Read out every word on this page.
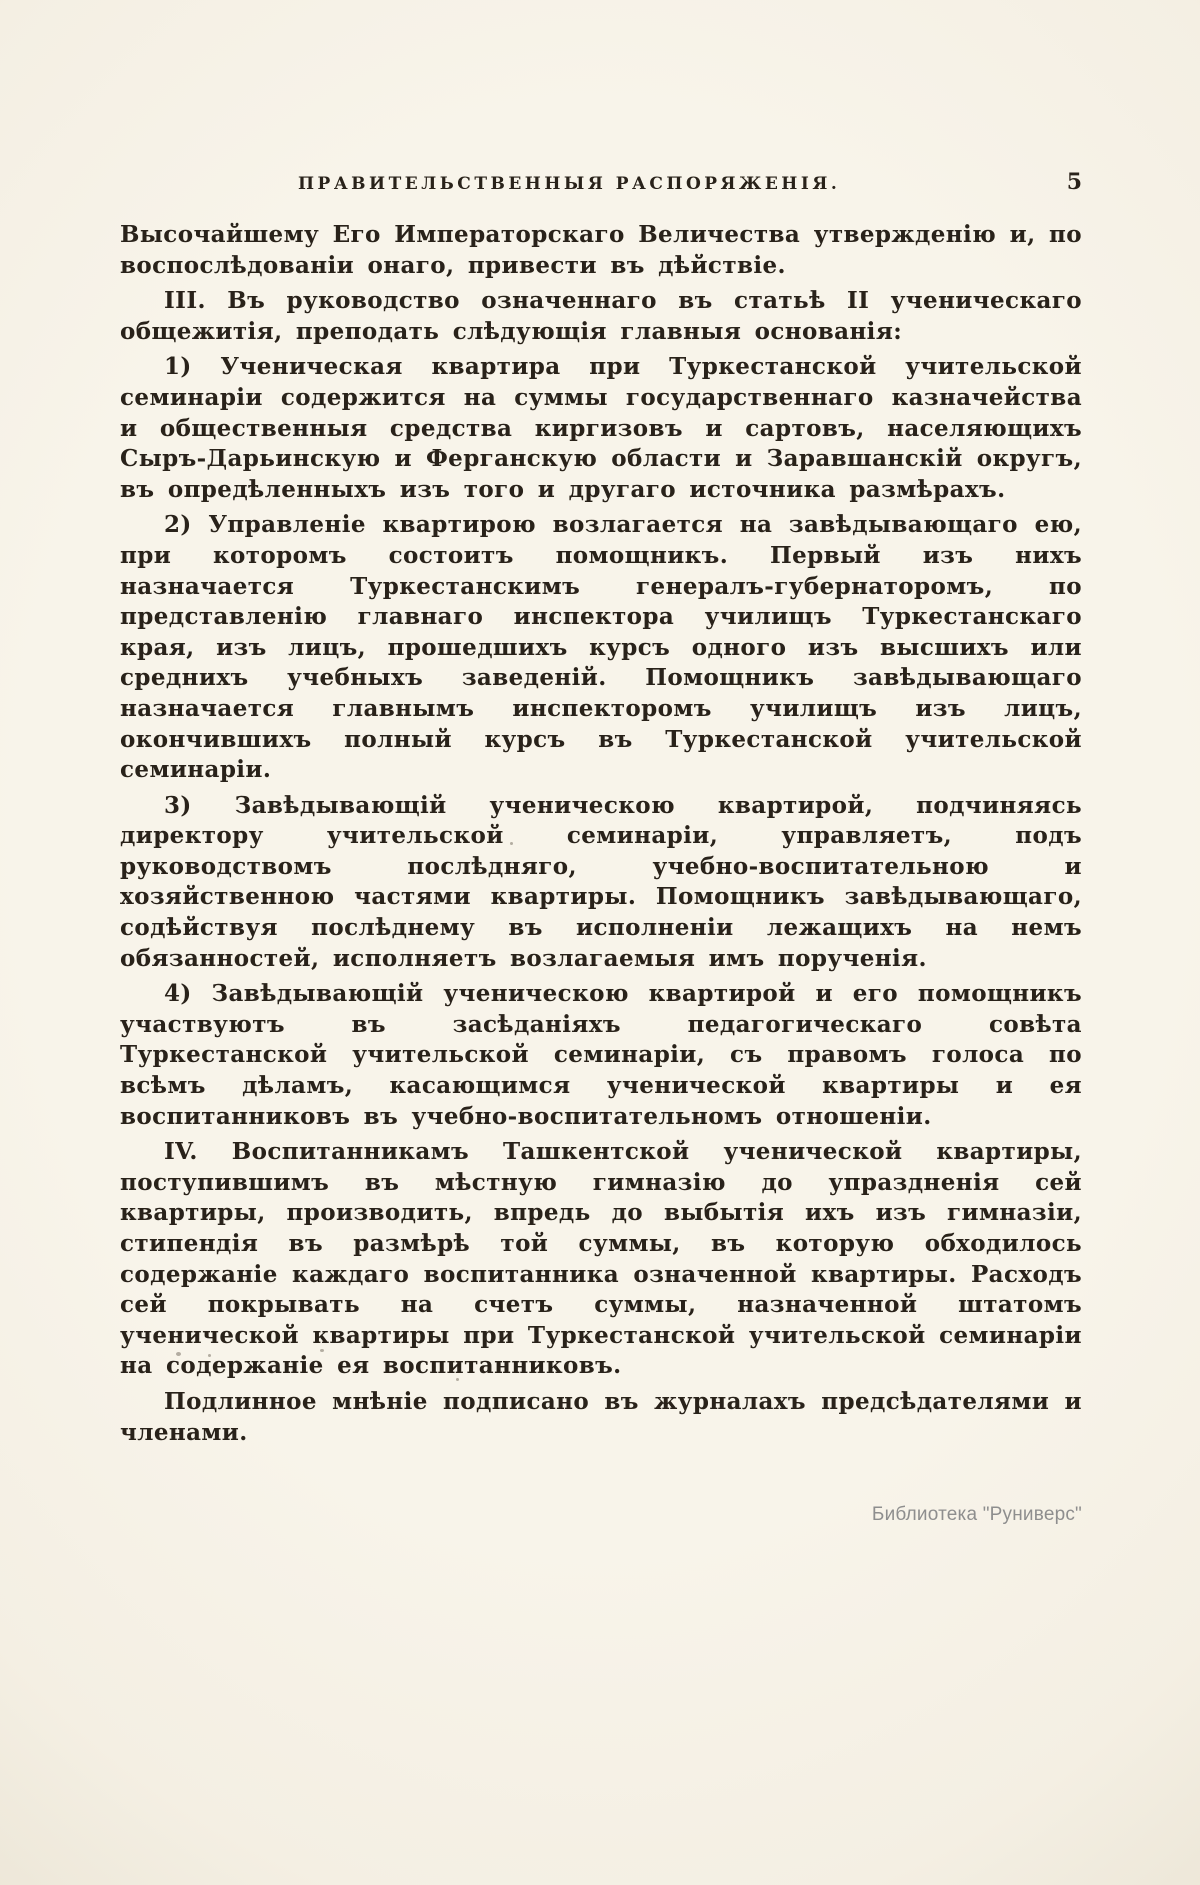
ПРАВИТЕЛЬСТВЕННЫЯ РАСПОРЯЖЕНІЯ.	5

Высочайшему Его Императорскаго Величества утвержденію и, по воспослѣдованіи онаго, привести въ дѣйствіе.

III. Въ руководство означеннаго въ статьѣ II ученическаго общежитія, преподать слѣдующія главныя основанія:

1) Ученическая квартира при Туркестанской учительской семинаріи содержится на суммы государственнаго казначейства и общественныя средства киргизовъ и сартовъ, населяющихъ Сыръ-Дарьинскую и Ферганскую области и Заравшанскій округъ, въ опредѣленныхъ изъ того и другаго источника размѣрахъ.

2) Управленіе квартирою возлагается на завѣдывающаго ею, при которомъ состоитъ помощникъ. Первый изъ нихъ назначается Туркестанскимъ генералъ-губернаторомъ, по представленію главнаго инспектора училищъ Туркестанскаго края, изъ лицъ, прошедшихъ курсъ одного изъ высшихъ или среднихъ учебныхъ заведеній. Помощникъ завѣдывающаго назначается главнымъ инспекторомъ училищъ изъ лицъ, окончившихъ полный курсъ въ Туркестанской учительской семинаріи.

3) Завѣдывающій ученическою квартирой, подчиняясь директору учительской семинаріи, управляетъ, подъ руководствомъ послѣдняго, учебно-воспитательною и хозяйственною частями квартиры. Помощникъ завѣдывающаго, содѣйствуя послѣднему въ исполненіи лежащихъ на немъ обязанностей, исполняетъ возлагаемыя имъ порученія.

4) Завѣдывающій ученическою квартирой и его помощникъ участвуютъ въ засѣданіяхъ педагогическаго совѣта Туркестанской учительской семинаріи, съ правомъ голоса по всѣмъ дѣламъ, касающимся ученической квартиры и ея воспитанниковъ въ учебно-воспитательномъ отношеніи.

IV. Воспитанникамъ Ташкентской ученической квартиры, поступившимъ въ мѣстную гимназію до упраздненія сей квартиры, производить, впредь до выбытія ихъ изъ гимназіи, стипендія въ размѣрѣ той суммы, въ которую обходилось содержаніе каждаго воспитанника означенной квартиры. Расходъ сей покрывать на счетъ суммы, назначенной штатомъ ученической квартиры при Туркестанской учительской семинаріи на содержаніе ея воспитанниковъ.

Подлинное мнѣніе подписано въ журналахъ предсѣдателями и членами.

Библиотека "Руниверс"
